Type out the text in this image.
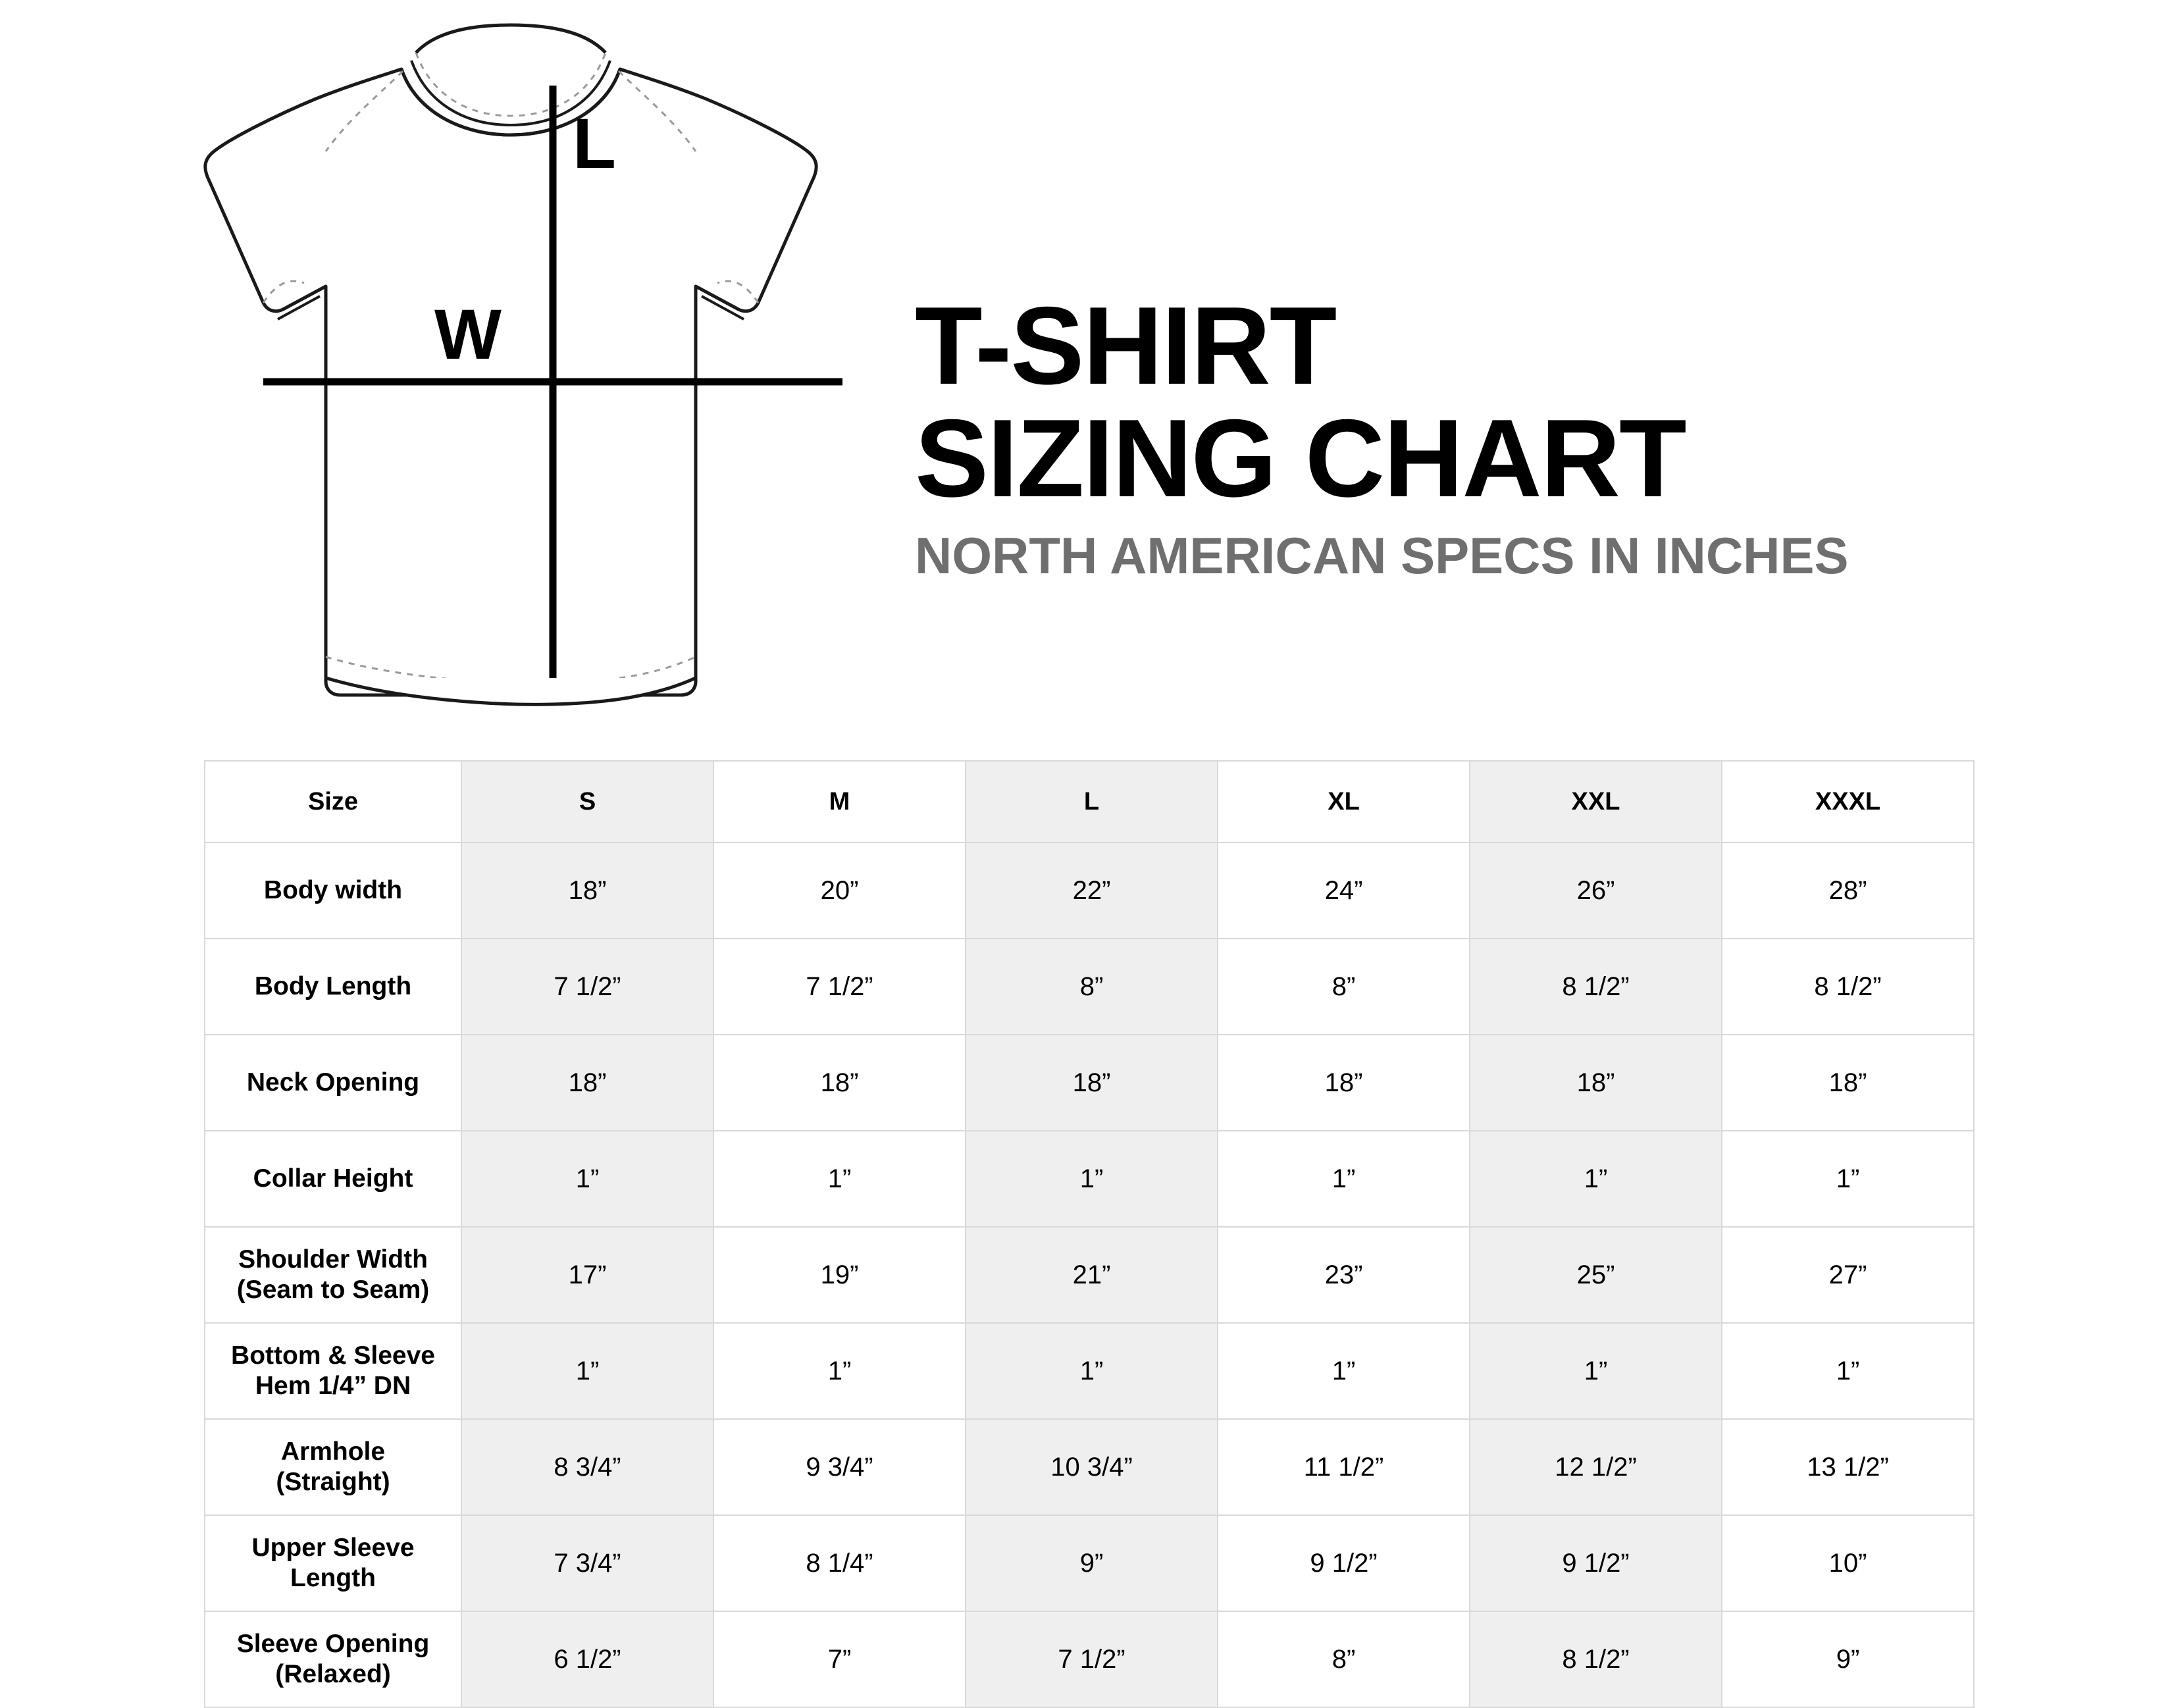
L
W	T-SHIRT
SIZING CHART
NORTH AMERICAN SPECS IN INCHES
Size	S	M	L	XL	XXL	XXXL
Body width	18”	20”	22”	24”	26”	28”
Body Length	7 1/2”	7 1/2”	8”	8”	8 1/2”	8 1/2”
Neck Opening	18”	18”	18”	18”	18”	18”
Collar Height	1”	1”	1”	1”	1”	1”
Shoulder Width
(Seam to Seam)	17”	19”	21”	23”	25”	27”
Bottom & Sleeve
Hem 1/4” DN	1”	1”	1”	1”	1”	1”
Armhole
(Straight)	8 3/4”	9 3/4”	10 3/4”	11 1/2”	12 1/2”	13 1/2”
Upper Sleeve
Length	7 3/4”	8 1/4”	9”	9 1/2”	9 1/2”	10”
Sleeve Opening
(Relaxed)	6 1/2”	7”	7 1/2”	8”	8 1/2”	9”
